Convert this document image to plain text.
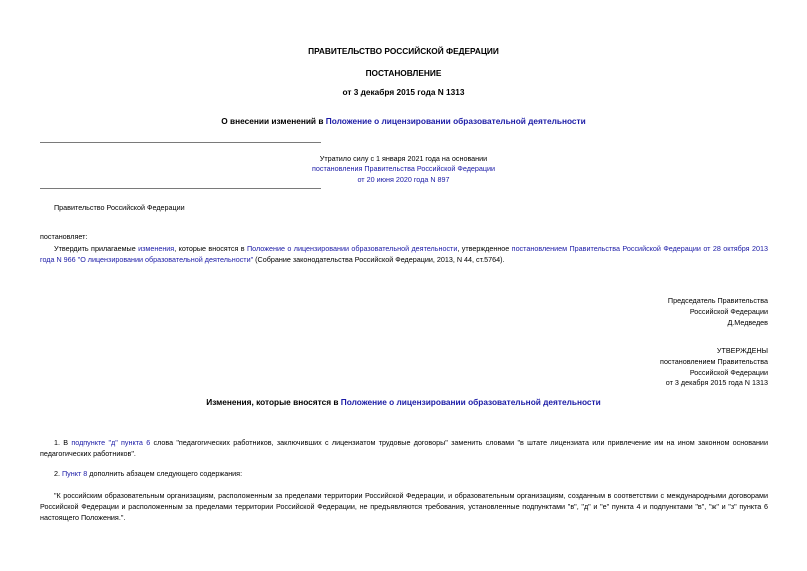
ПРАВИТЕЛЬСТВО РОССИЙСКОЙ ФЕДЕРАЦИИ
ПОСТАНОВЛЕНИЕ
от 3 декабря 2015 года N 1313
О внесении изменений в Положение о лицензировании образовательной деятельности
Утратило силу с 1 января 2021 года на основании
постановления Правительства Российской Федерации
от 20 июня 2020 года N 897
Правительство Российской Федерации
постановляет:
Утвердить прилагаемые изменения, которые вносятся в Положение о лицензировании образовательной деятельности, утвержденное постановлением Правительства Российской Федерации от 28 октября 2013 года N 966 "О лицензировании образовательной деятельности" (Собрание законодательства Российской Федерации, 2013, N 44, ст.5764).
Председатель Правительства
Российской Федерации
Д.Медведев
УТВЕРЖДЕНЫ
постановлением Правительства
Российской Федерации
от 3 декабря 2015 года N 1313
Изменения, которые вносятся в Положение о лицензировании образовательной деятельности
1. В подпункте "д" пункта 6 слова "педагогических работников, заключивших с лицензиатом трудовые договоры" заменить словами "в штате лицензиата или привлечение им на ином законном основании педагогических работников".
2. Пункт 8 дополнить абзацем следующего содержания:
"К российским образовательным организациям, расположенным за пределами территории Российской Федерации, и образовательным организациям, созданным в соответствии с международными договорами Российской Федерации и расположенным за пределами территории Российской Федерации, не предъявляются требования, установленные подпунктами "в", "д" и "е" пункта 4 и подпунктами "в", "ж" и "з" пункта 6 настоящего Положения.".
